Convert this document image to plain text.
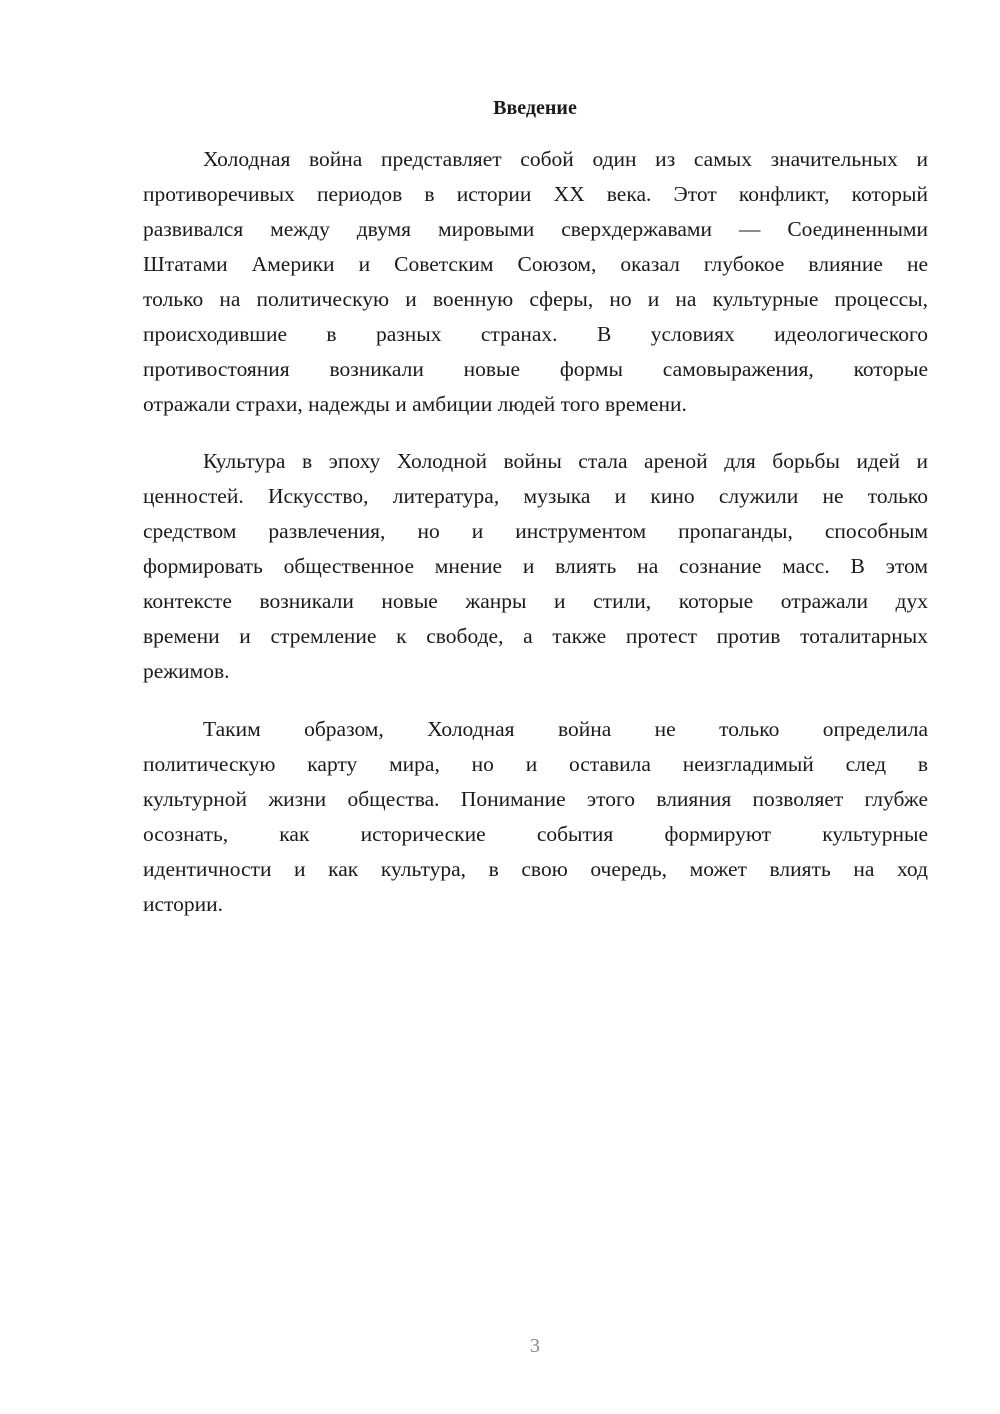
Введение
Холодная война представляет собой один из самых значительных и
противоречивых периодов в истории XX века. Этот конфликт, который
развивался между двумя мировыми сверхдержавами — Соединенными
Штатами Америки и Советским Союзом, оказал глубокое влияние не
только на политическую и военную сферы, но и на культурные процессы,
происходившие в разных странах. В условиях идеологического
противостояния возникали новые формы самовыражения, которые
отражали страхи, надежды и амбиции людей того времени.
Культура в эпоху Холодной войны стала ареной для борьбы идей и
ценностей. Искусство, литература, музыка и кино служили не только
средством развлечения, но и инструментом пропаганды, способным
формировать общественное мнение и влиять на сознание масс. В этом
контексте возникали новые жанры и стили, которые отражали дух
времени и стремление к свободе, а также протест против тоталитарных
режимов.
Таким образом, Холодная война не только определила
политическую карту мира, но и оставила неизгладимый след в
культурной жизни общества. Понимание этого влияния позволяет глубже
осознать, как исторические события формируют культурные
идентичности и как культура, в свою очередь, может влиять на ход
истории.
3
